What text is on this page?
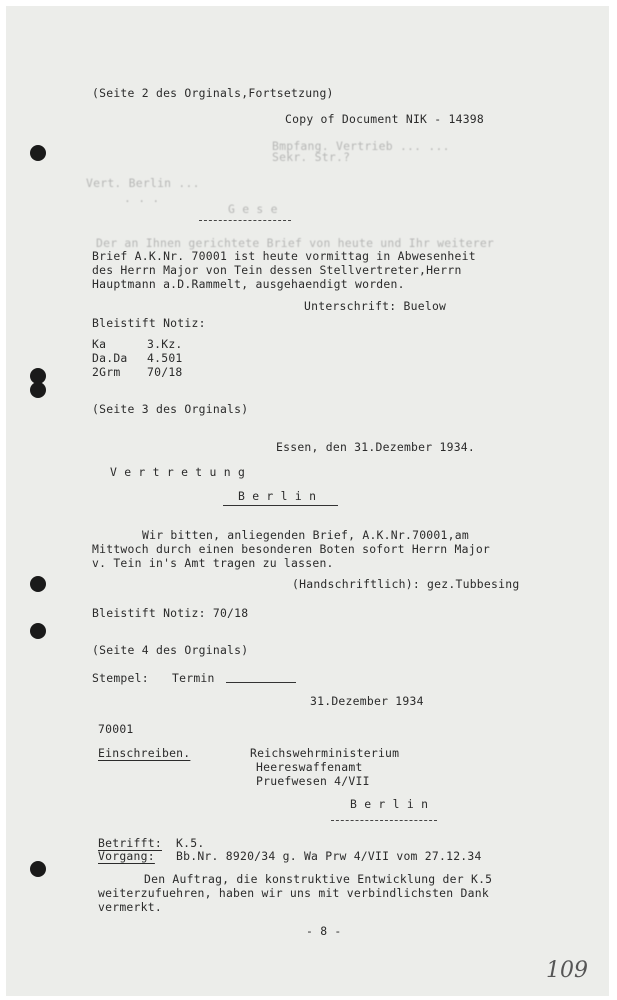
(Seite 2 des Orginals,Fortsetzung)
Copy of Document NIK - 14398
Bmpfang. Vertrieb ... ...
Sekr. Str.?
Vert. Berlin ...
. . .
G e s e
Der an Ihnen gerichtete Brief von heute und Ihr weiterer
Brief A.K.Nr. 70001 ist heute vormittag in Abwesenheit
des Herrn Major von Tein dessen Stellvertreter,Herrn
Hauptmann a.D.Rammelt, ausgehaendigt worden.
Unterschrift: Buelow
Bleistift Notiz:
Ka	3.Kz.
Da.Da 4.501
2Grm 70/18
(Seite 3 des Orginals)
Essen, den 31.Dezember 1934.
V e r t r e t u n g
B e r l i n
Wir bitten, anliegenden Brief, A.K.Nr.70001,am
Mittwoch durch einen besonderen Boten sofort Herrn Major
v. Tein in's Amt tragen zu lassen.
(Handschriftlich): gez.Tubbesing
Bleistift Notiz: 70/18
(Seite 4 des Orginals)
Stempel: Termin
31.Dezember 1934
70001
Einschreiben.	Reichswehrministerium
Heereswaffenamt
Pruefwesen 4/VII
B e r l i n
Betrifft: K.5.
Vorgang: Bb.Nr. 8920/34 g. Wa Prw 4/VII vom 27.12.34
Den Auftrag, die konstruktive Entwicklung der K.5
weiterzufuehren, haben wir uns mit verbindlichsten Dank
vermerkt.
- 8 -
109
